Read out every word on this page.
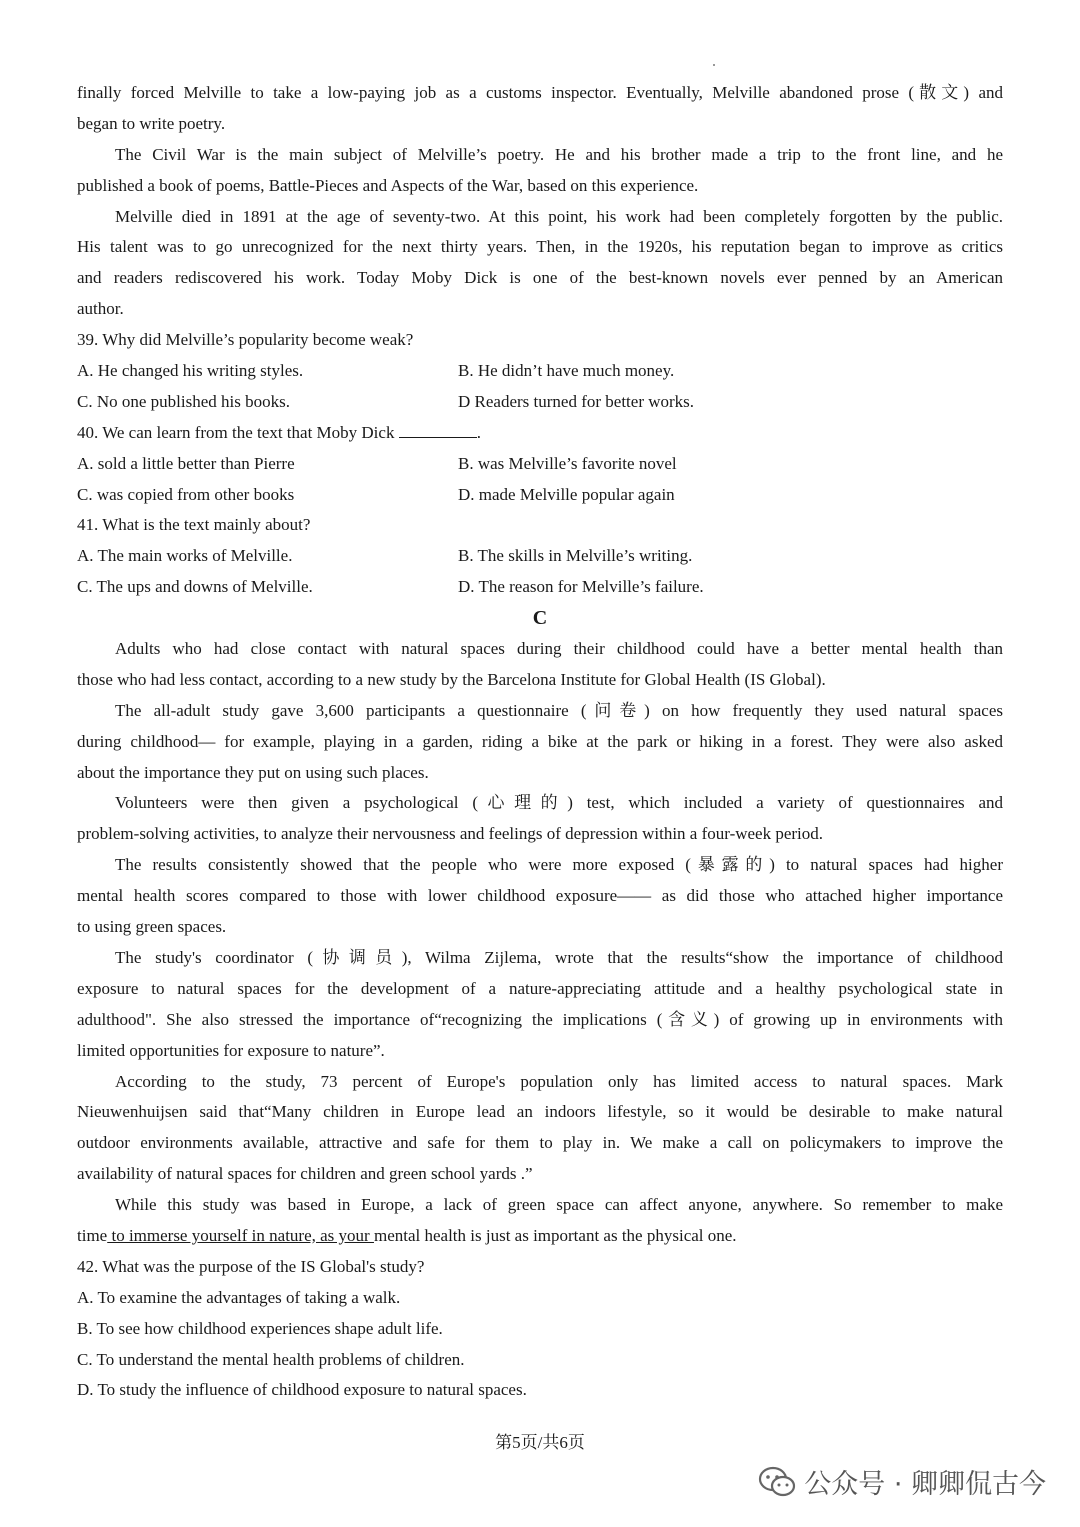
finally forced Melville to take a low-paying job as a customs inspector. Eventually, Melville abandoned prose (散文) and
began to write poetry.
The Civil War is the main subject of Melville’s poetry. He and his brother made a trip to the front line, and he
published a book of poems, Battle-Pieces and Aspects of the War, based on this experience.
Melville died in 1891 at the age of seventy-two. At this point, his work had been completely forgotten by the public.
His talent was to go unrecognized for the next thirty years. Then, in the 1920s, his reputation began to improve as critics
and readers rediscovered his work. Today Moby Dick is one of the best-known novels ever penned by an American
author.
39. Why did Melville’s popularity become weak?
A. He changed his writing styles.	B. He didn’t have much money.
C. No one published his books.	D Readers turned for better works.
40. We can learn from the text that Moby Dick	.
A. sold a little better than Pierre	B. was Melville’s favorite novel
C. was copied from other books	D. made Melville popular again
41. What is the text mainly about?
A. The main works of Melville.	B. The skills in Melville’s writing.
C. The ups and downs of Melville.	D. The reason for Melville’s failure.
C
Adults who had close contact with natural spaces during their childhood could have a better mental health than
those who had less contact, according to a new study by the Barcelona Institute for Global Health (IS Global).
The all-adult study gave 3,600 participants a questionnaire (问卷) on how frequently they used natural spaces
during childhood— for example, playing in a garden, riding a bike at the park or hiking in a forest. They were also asked
about the importance they put on using such places.
Volunteers were then given a psychological (心理的) test, which included a variety of questionnaires and
problem-solving activities, to analyze their nervousness and feelings of depression within a four-week period.
The results consistently showed that the people who were more exposed (暴露的) to natural spaces had higher
mental health scores compared to those with lower childhood exposure—— as did those who attached higher importance
to using green spaces.
The study's coordinator (协调员), Wilma Zijlema, wrote that the results“show the importance of childhood
exposure to natural spaces for the development of a nature-appreciating attitude and a healthy psychological state in
adulthood". She also stressed the importance of“recognizing the implications (含义) of growing up in environments with
limited opportunities for exposure to nature”.
According to the study, 73 percent of Europe's population only has limited access to natural spaces. Mark
Nieuwenhuijsen said that“Many children in Europe lead an indoors lifestyle, so it would be desirable to make natural
outdoor environments available, attractive and safe for them to play in. We make a call on policymakers to improve the
availability of natural spaces for children and green school yards .”
While this study was based in Europe, a lack of green space can affect anyone, anywhere. So remember to make
time to immerse yourself in nature, as your mental health is just as important as the physical one.
42. What was the purpose of the IS Global's study?
A. To examine the advantages of taking a walk.
B. To see how childhood experiences shape adult life.
C. To understand the mental health problems of children.
D. To study the influence of childhood exposure to natural spaces.
第5页/共6页
公众号 · 卿卿侃古今
